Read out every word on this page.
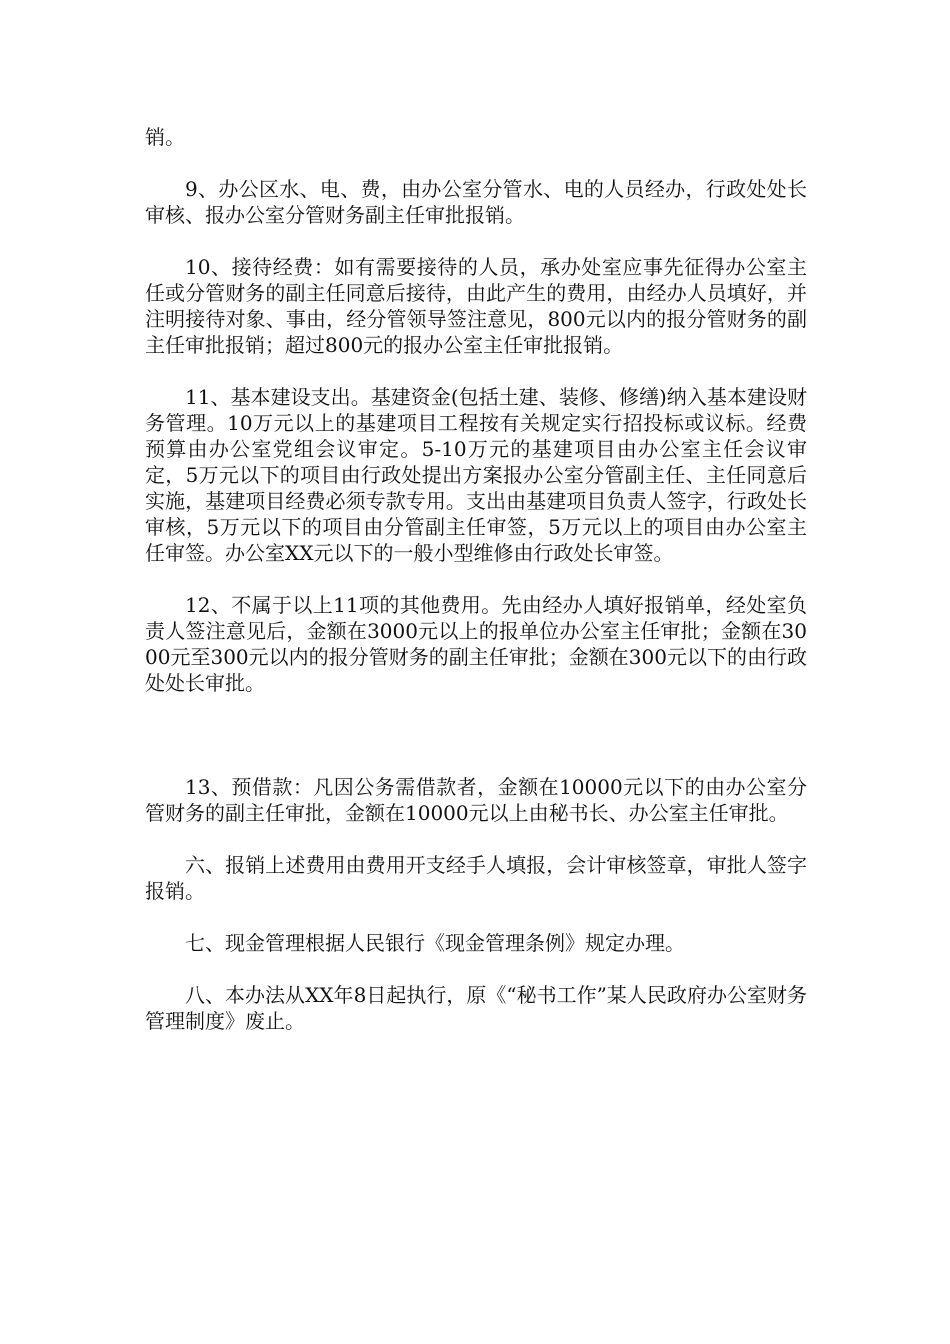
销。

9、办公区水、电、费，由办公室分管水、电的人员经办，行政处处长审核、报办公室分管财务副主任审批报销。

10、接待经费：如有需要接待的人员，承办处室应事先征得办公室主任或分管财务的副主任同意后接待，由此产生的费用，由经办人员填好，并注明接待对象、事由，经分管领导签注意见，800元以内的报分管财务的副主任审批报销；超过800元的报办公室主任审批报销。

11、基本建设支出。基建资金(包括土建、装修、修缮)纳入基本建设财务管理。10万元以上的基建项目工程按有关规定实行招投标或议标。经费预算由办公室党组会议审定。5-10万元的基建项目由办公室主任会议审定，5万元以下的项目由行政处提出方案报办公室分管副主任、主任同意后实施，基建项目经费必须专款专用。支出由基建项目负责人签字，行政处长审核，5万元以下的项目由分管副主任审签，5万元以上的项目由办公室主任审签。办公室XX元以下的一般小型维修由行政处长审签。

12、不属于以上11项的其他费用。先由经办人填好报销单，经处室负责人签注意见后，金额在3000元以上的报单位办公室主任审批；金额在3000元至300元以内的报分管财务的副主任审批；金额在300元以下的由行政处处长审批。

13、预借款：凡因公务需借款者，金额在10000元以下的由办公室分管财务的副主任审批，金额在10000元以上由秘书长、办公室主任审批。

六、报销上述费用由费用开支经手人填报，会计审核签章，审批人签字报销。

七、现金管理根据人民银行《现金管理条例》规定办理。

八、本办法从XX年8日起执行，原《“秘书工作”某人民政府办公室财务管理制度》废止。
